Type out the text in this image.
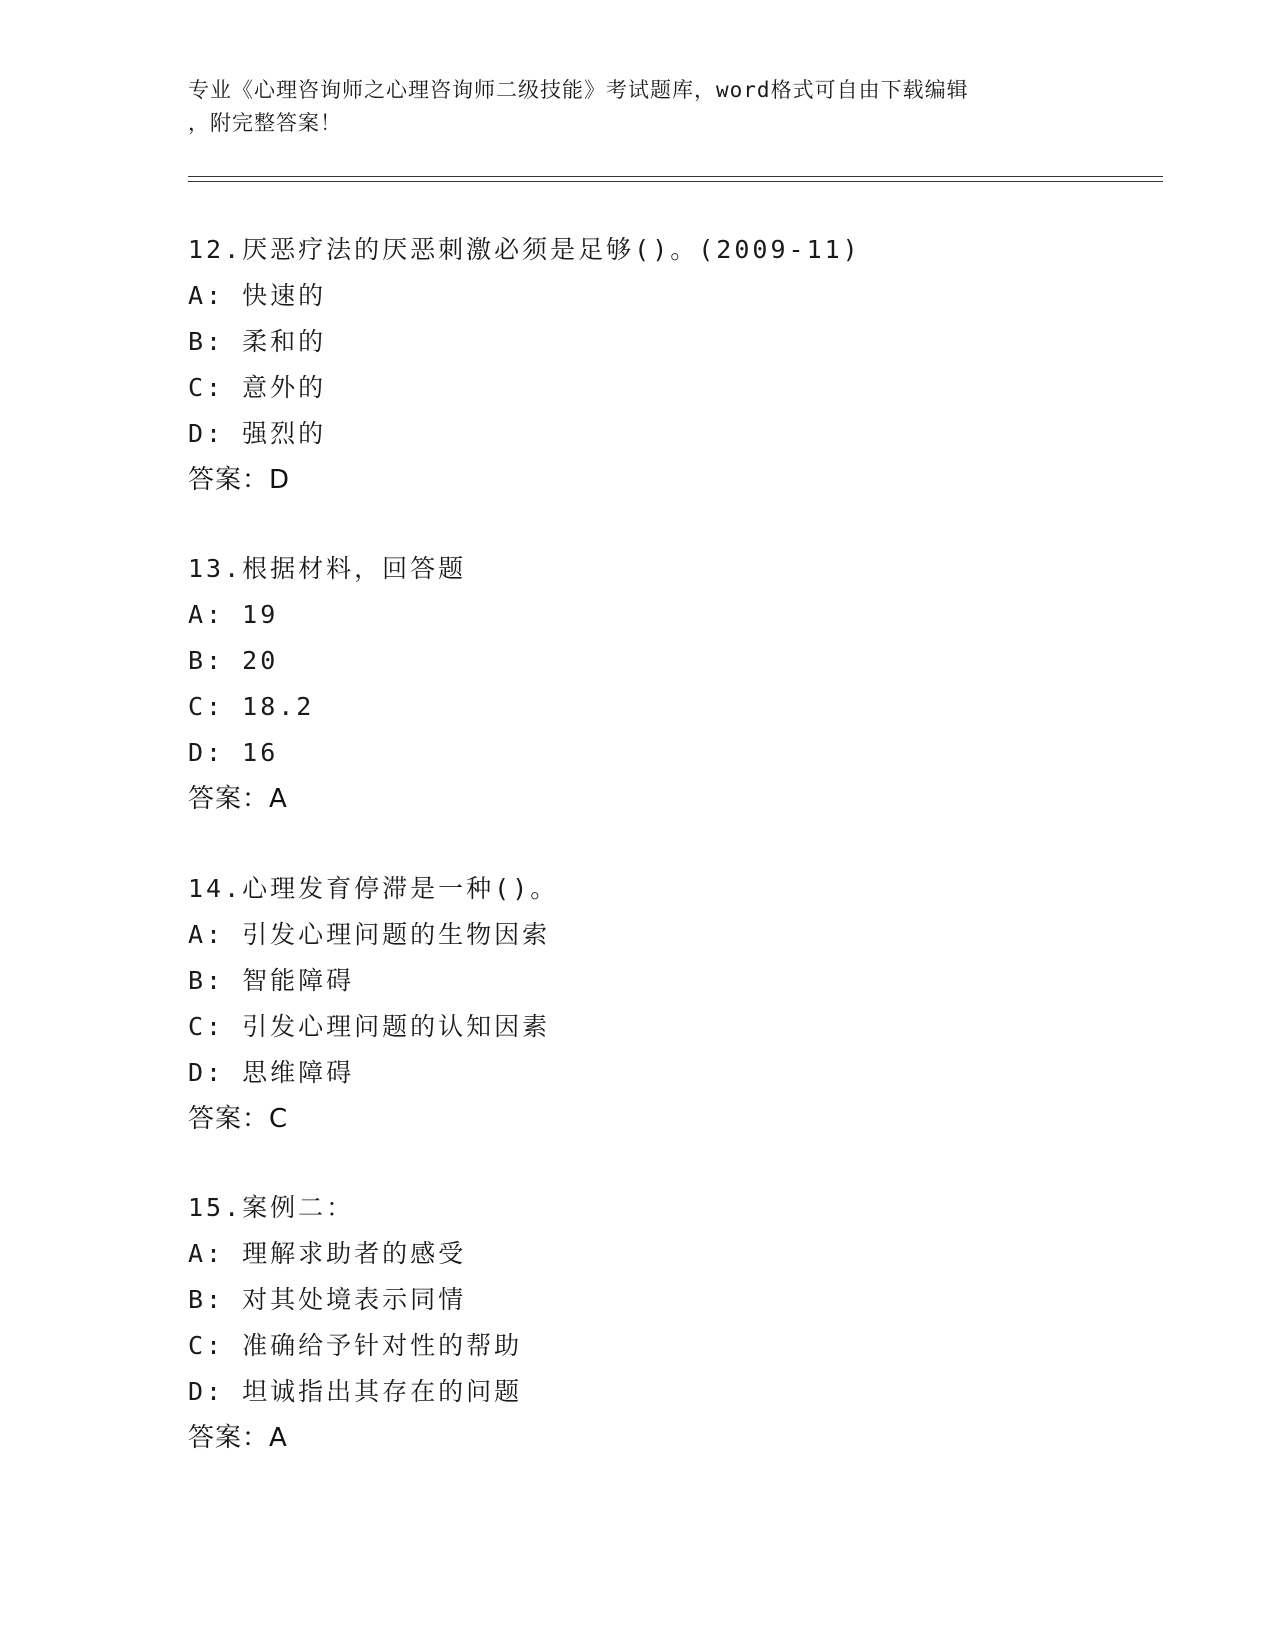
专业《心理咨询师之心理咨询师二级技能》考试题库，word格式可自由下载编辑
，附完整答案！
12.厌恶疗法的厌恶刺激必须是足够()。(2009-11)
A: 快速的
B: 柔和的
C: 意外的
D: 强烈的
答案：D
13.根据材料，回答题
A: 19
B: 20
C: 18.2
D: 16
答案：A
14.心理发育停滞是一种()。
A: 引发心理问题的生物因索
B: 智能障碍
C: 引发心理问题的认知因素
D: 思维障碍
答案：C
15.案例二：
A: 理解求助者的感受
B: 对其处境表示同情
C: 准确给予针对性的帮助
D: 坦诚指出其存在的问题
答案：A
